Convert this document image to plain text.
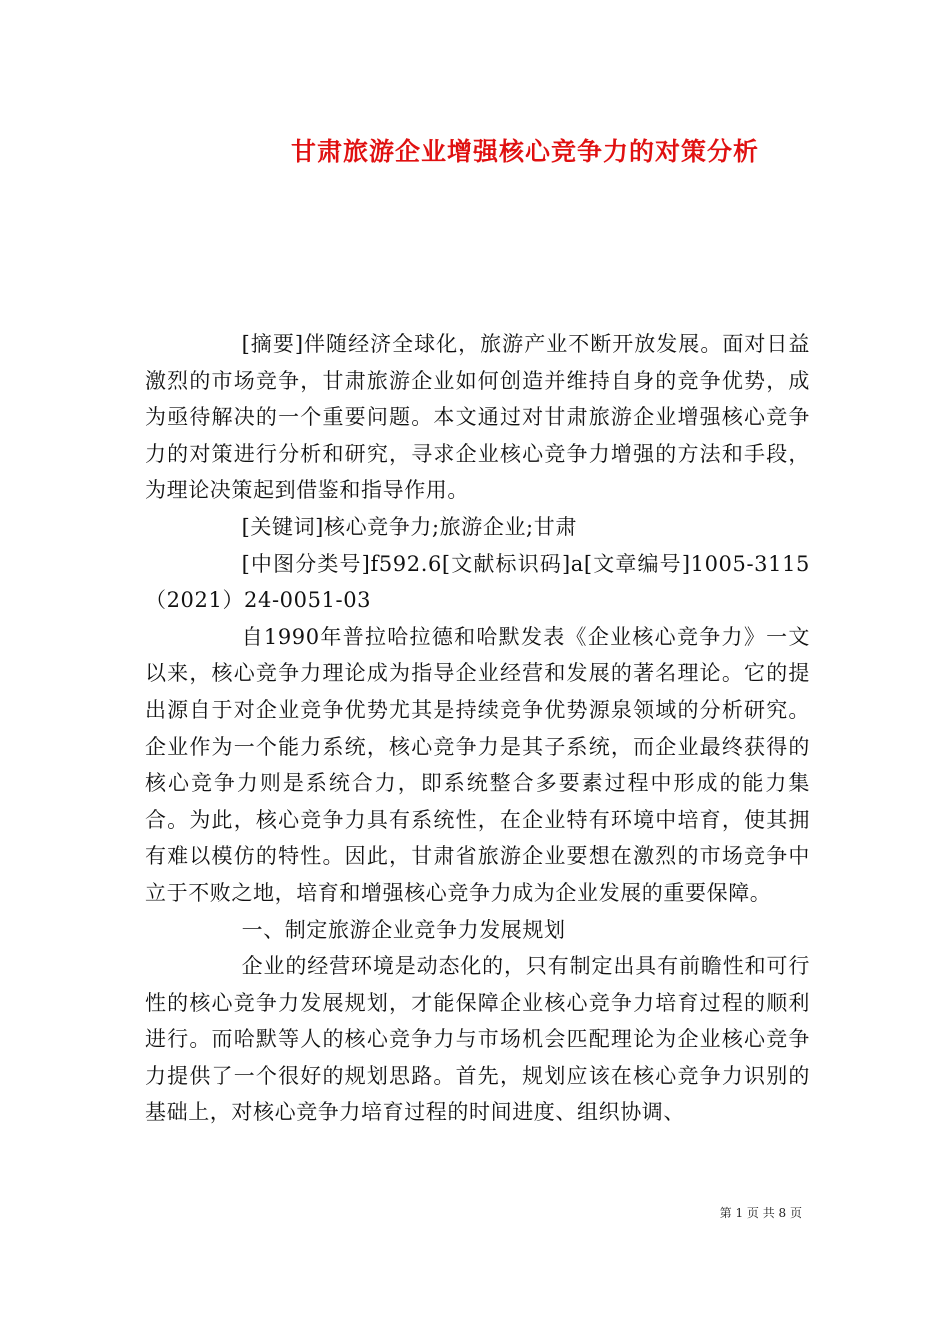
甘肃旅游企业增强核心竞争力的对策分析

[摘要]伴随经济全球化，旅游产业不断开放发展。面对日益激烈的市场竞争，甘肃旅游企业如何创造并维持自身的竞争优势，成为亟待解决的一个重要问题。本文通过对甘肃旅游企业增强核心竞争力的对策进行分析和研究，寻求企业核心竞争力增强的方法和手段，为理论决策起到借鉴和指导作用。

[关键词]核心竞争力;旅游企业;甘肃

[中图分类号]f592.6[文献标识码]a[文章编号]1005-3115（2021）24-0051-03

自1990年普拉哈拉德和哈默发表《企业核心竞争力》一文以来，核心竞争力理论成为指导企业经营和发展的著名理论。它的提出源自于对企业竞争优势尤其是持续竞争优势源泉领域的分析研究。企业作为一个能力系统，核心竞争力是其子系统，而企业最终获得的核心竞争力则是系统合力，即系统整合多要素过程中形成的能力集合。为此，核心竞争力具有系统性，在企业特有环境中培育，使其拥有难以模仿的特性。因此，甘肃省旅游企业要想在激烈的市场竞争中立于不败之地，培育和增强核心竞争力成为企业发展的重要保障。

一、制定旅游企业竞争力发展规划

企业的经营环境是动态化的，只有制定出具有前瞻性和可行性的核心竞争力发展规划，才能保障企业核心竞争力培育过程的顺利进行。而哈默等人的核心竞争力与市场机会匹配理论为企业核心竞争力提供了一个很好的规划思路。首先，规划应该在核心竞争力识别的基础上，对核心竞争力培育过程的时间进度、组织协调、

第 1 页 共 8 页
